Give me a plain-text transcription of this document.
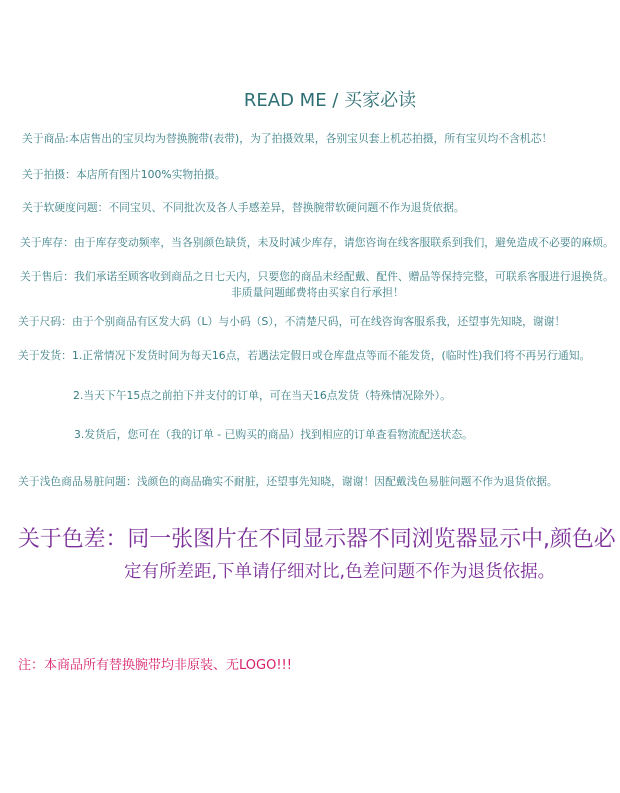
READ ME / 买家必读
关于商品:本店售出的宝贝均为替换腕带(表带)，为了拍摄效果，各别宝贝套上机芯拍摄，所有宝贝均不含机芯！
关于拍摄：本店所有图片100%实物拍摄。
关于软硬度问题：不同宝贝、不同批次及各人手感差异，替换腕带软硬问题不作为退货依据。
关于库存：由于库存变动频率，当各别颜色缺货，未及时减少库存，请您咨询在线客服联系到我们，避免造成不必要的麻烦。
关于售后：我们承诺至顾客收到商品之日七天内，只要您的商品未经配戴、配件、赠品等保持完整，可联系客服进行退换货。
非质量问题邮费将由买家自行承担！
关于尺码：由于个别商品有区发大码（L）与小码（S），不清楚尺码，可在线咨询客服系我，还望事先知晓，谢谢！
关于发货：1.正常情况下发货时间为每天16点，若遇法定假日或仓库盘点等而不能发货，(临时性)我们将不再另行通知。
2.当天下午15点之前拍下并支付的订单，可在当天16点发货（特殊情况除外）。
3.发货后，您可在（我的订单 - 已购买的商品）找到相应的订单查看物流配送状态。
关于浅色商品易脏问题：浅颜色的商品确实不耐脏，还望事先知晓，谢谢！因配戴浅色易脏问题不作为退货依据。
关于色差：同一张图片在不同显示器不同浏览器显示中,颜色必
定有所差距,下单请仔细对比,色差问题不作为退货依据。
注：本商品所有替换腕带均非原装、无LOGO!!!
